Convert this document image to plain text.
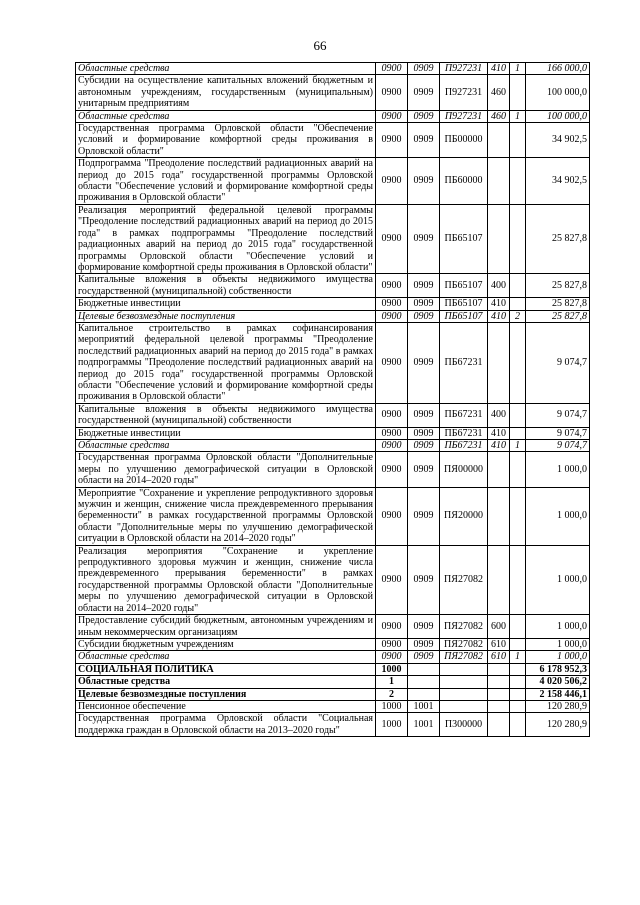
66
Областные средства	0900	0909	П927231	410	1	166 000,0
Субсидии на осуществление капитальных вложений бюджетным и автономным учреждениям, государственным (муниципальным) унитарным предприятиям	0900	0909	П927231	460		100 000,0
Областные средства	0900	0909	П927231	460	1	100 000,0
Государственная программа Орловской области "Обеспечение условий и формирование комфортной среды проживания в Орловской области"	0900	0909	ПБ00000			34 902,5
Подпрограмма "Преодоление последствий радиационных аварий на период до 2015 года" государственной программы Орловской области "Обеспечение условий и формирование комфортной среды проживания в Орловской области"	0900	0909	ПБ60000			34 902,5
Реализация мероприятий федеральной целевой программы "Преодоление последствий радиационных аварий на период до 2015 года" в рамках подпрограммы "Преодоление последствий радиационных аварий на период до 2015 года" государственной программы Орловской области "Обеспечение условий и формирование комфортной среды проживания в Орловской области"	0900	0909	ПБ65107			25 827,8
Капитальные вложения в объекты недвижимого имущества государственной (муниципальной) собственности	0900	0909	ПБ65107	400		25 827,8
Бюджетные инвестиции	0900	0909	ПБ65107	410		25 827,8
Целевые безвозмездные поступления	0900	0909	ПБ65107	410	2	25 827,8
Капитальное строительство в рамках софинансирования мероприятий федеральной целевой программы "Преодоление последствий радиационных аварий на период до 2015 года" в рамках подпрограммы "Преодоление последствий радиационных аварий на период до 2015 года" государственной программы Орловской области "Обеспечение условий и формирование комфортной среды проживания в Орловской области"	0900	0909	ПБ67231			9 074,7
Капитальные вложения в объекты недвижимого имущества государственной (муниципальной) собственности	0900	0909	ПБ67231	400		9 074,7
Бюджетные инвестиции	0900	0909	ПБ67231	410		9 074,7
Областные средства	0900	0909	ПБ67231	410	1	9 074,7
Государственная программа Орловской области "Дополнительные меры по улучшению демографической ситуации в Орловской области на 2014–2020 годы"	0900	0909	ПЯ00000			1 000,0
Мероприятие "Сохранение и укрепление репродуктивного здоровья мужчин и женщин, снижение числа преждевременного прерывания беременности" в рамках государственной программы Орловской области "Дополнительные меры по улучшению демографической ситуации в Орловской области на 2014–2020 годы"	0900	0909	ПЯ20000			1 000,0
Реализация мероприятия "Сохранение и укрепление репродуктивного здоровья мужчин и женщин, снижение числа преждевременного прерывания беременности" в рамках государственной программы Орловской области "Дополнительные меры по улучшению демографической ситуации в Орловской области на 2014–2020 годы"	0900	0909	ПЯ27082			1 000,0
Предоставление субсидий бюджетным, автономным учреждениям и иным некоммерческим организациям	0900	0909	ПЯ27082	600		1 000,0
Субсидии бюджетным учреждениям	0900	0909	ПЯ27082	610		1 000,0
Областные средства	0900	0909	ПЯ27082	610	1	1 000,0
СОЦИАЛЬНАЯ ПОЛИТИКА	1000					6 178 952,3
Областные средства	1					4 020 506,2
Целевые безвозмездные поступления	2					2 158 446,1
Пенсионное обеспечение	1000	1001				120 280,9
Государственная программа Орловской области "Социальная поддержка граждан в Орловской области на 2013–2020 годы"	1000	1001	П300000			120 280,9
